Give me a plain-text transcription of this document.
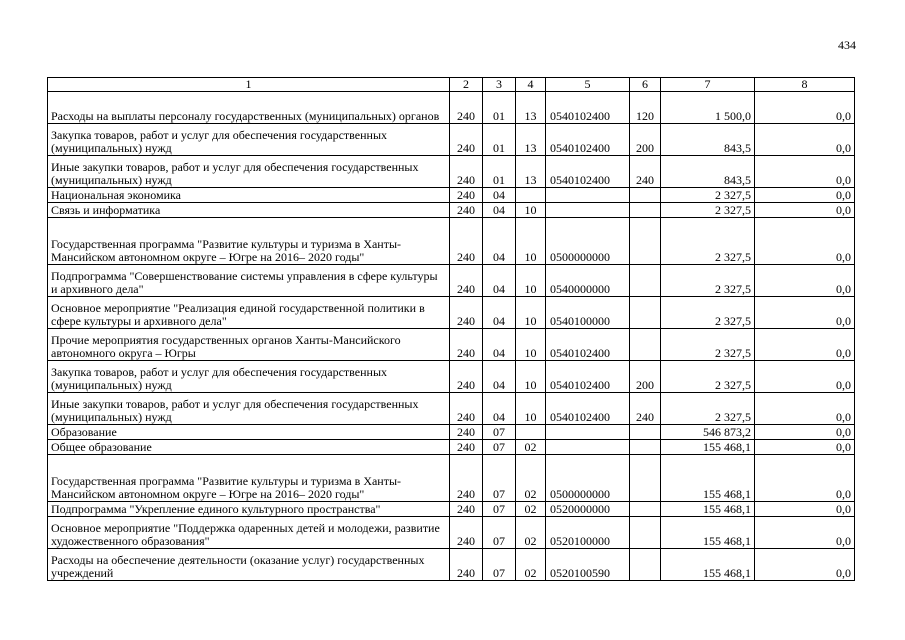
434
1	2	3	4	5	6	7	8
Расходы на выплаты персоналу государственных (муниципальных) органов	240	01	13	0540102400	120	1 500,0	0,0
Закупка товаров, работ и услуг для обеспечения государственных (муниципальных) нужд	240	01	13	0540102400	200	843,5	0,0
Иные закупки товаров, работ и услуг для обеспечения государственных (муниципальных) нужд	240	01	13	0540102400	240	843,5	0,0
Национальная экономика	240	04				2 327,5	0,0
Связь и информатика	240	04	10			2 327,5	0,0
Государственная программа "Развитие культуры и туризма в Ханты-Мансийском автономном округе – Югре на 2016– 2020 годы"	240	04	10	0500000000		2 327,5	0,0
Подпрограмма "Совершенствование системы управления в сфере культуры и архивного дела"	240	04	10	0540000000		2 327,5	0,0
Основное мероприятие "Реализация единой государственной политики в сфере культуры и архивного дела"	240	04	10	0540100000		2 327,5	0,0
Прочие мероприятия государственных органов Ханты-Мансийского автономного округа – Югры	240	04	10	0540102400		2 327,5	0,0
Закупка товаров, работ и услуг для обеспечения государственных (муниципальных) нужд	240	04	10	0540102400	200	2 327,5	0,0
Иные закупки товаров, работ и услуг для обеспечения государственных (муниципальных) нужд	240	04	10	0540102400	240	2 327,5	0,0
Образование	240	07				546 873,2	0,0
Общее образование	240	07	02			155 468,1	0,0
Государственная программа "Развитие культуры и туризма в Ханты-Мансийском автономном округе – Югре на 2016– 2020 годы"	240	07	02	0500000000		155 468,1	0,0
Подпрограмма "Укрепление единого культурного пространства"	240	07	02	0520000000		155 468,1	0,0
Основное мероприятие "Поддержка одаренных детей и молодежи, развитие художественного образования"	240	07	02	0520100000		155 468,1	0,0
Расходы на обеспечение деятельности (оказание услуг) государственных учреждений	240	07	02	0520100590		155 468,1	0,0
